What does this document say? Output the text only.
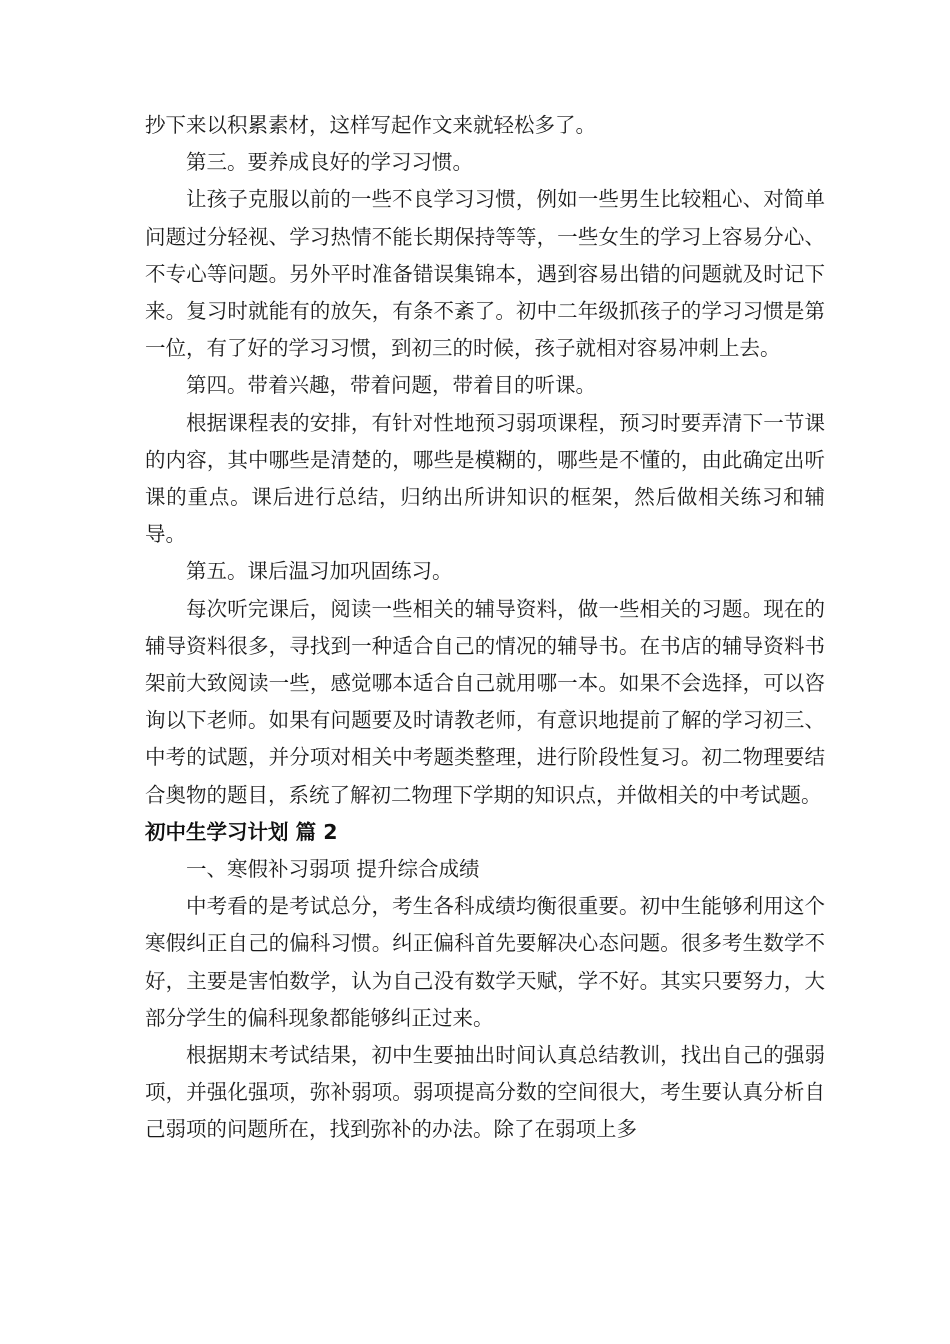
抄下来以积累素材，这样写起作文来就轻松多了。

第三。要养成良好的学习习惯。

让孩子克服以前的一些不良学习习惯，例如一些男生比较粗心、对简单问题过分轻视、学习热情不能长期保持等等，一些女生的学习上容易分心、不专心等问题。另外平时准备错误集锦本，遇到容易出错的问题就及时记下来。复习时就能有的放矢，有条不紊了。初中二年级抓孩子的学习习惯是第一位，有了好的学习习惯，到初三的时候，孩子就相对容易冲刺上去。

第四。带着兴趣，带着问题，带着目的听课。

根据课程表的安排，有针对性地预习弱项课程，预习时要弄清下一节课的内容，其中哪些是清楚的，哪些是模糊的，哪些是不懂的，由此确定出听课的重点。课后进行总结，归纳出所讲知识的框架，然后做相关练习和辅导。

第五。课后温习加巩固练习。

每次听完课后，阅读一些相关的辅导资料，做一些相关的习题。现在的辅导资料很多，寻找到一种适合自己的情况的辅导书。在书店的辅导资料书架前大致阅读一些，感觉哪本适合自己就用哪一本。如果不会选择，可以咨询以下老师。如果有问题要及时请教老师，有意识地提前了解的学习初三、中考的试题，并分项对相关中考题类整理，进行阶段性复习。初二物理要结合奥物的题目，系统了解初二物理下学期的知识点，并做相关的中考试题。

初中生学习计划 篇 2

一、寒假补习弱项 提升综合成绩

中考看的是考试总分，考生各科成绩均衡很重要。初中生能够利用这个寒假纠正自己的偏科习惯。纠正偏科首先要解决心态问题。很多考生数学不好，主要是害怕数学，认为自己没有数学天赋，学不好。其实只要努力，大部分学生的偏科现象都能够纠正过来。

根据期末考试结果，初中生要抽出时间认真总结教训，找出自己的强弱项，并强化强项，弥补弱项。弱项提高分数的空间很大，考生要认真分析自己弱项的问题所在，找到弥补的办法。除了在弱项上多
